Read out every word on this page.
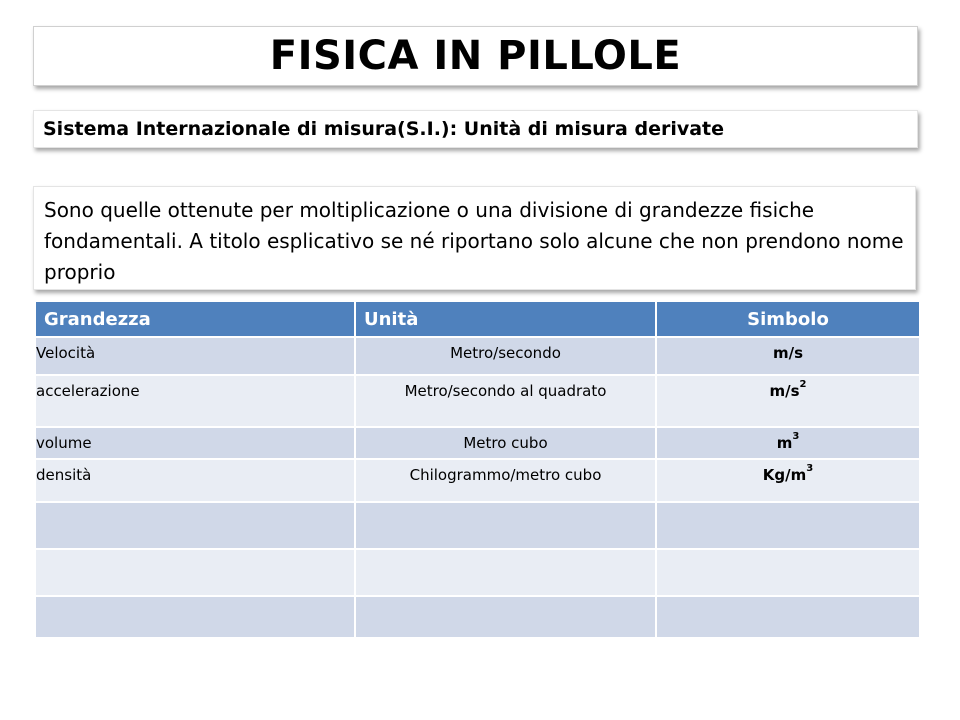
FISICA IN PILLOLE
Sistema Internazionale di misura(S.I.): Unità di misura derivate

Sono quelle ottenute per moltiplicazione o una divisione di grandezze fisiche fondamentali. A titolo esplicativo se né riportano solo alcune che non prendono nome proprio

Grandezza	Unità	Simbolo
Velocità	Metro/secondo	m/s
accelerazione	Metro/secondo al quadrato	$m/s^2$
volume	Metro cubo	$m^3$
densità	Chilogrammo/metro cubo	$Kg/m^3$
